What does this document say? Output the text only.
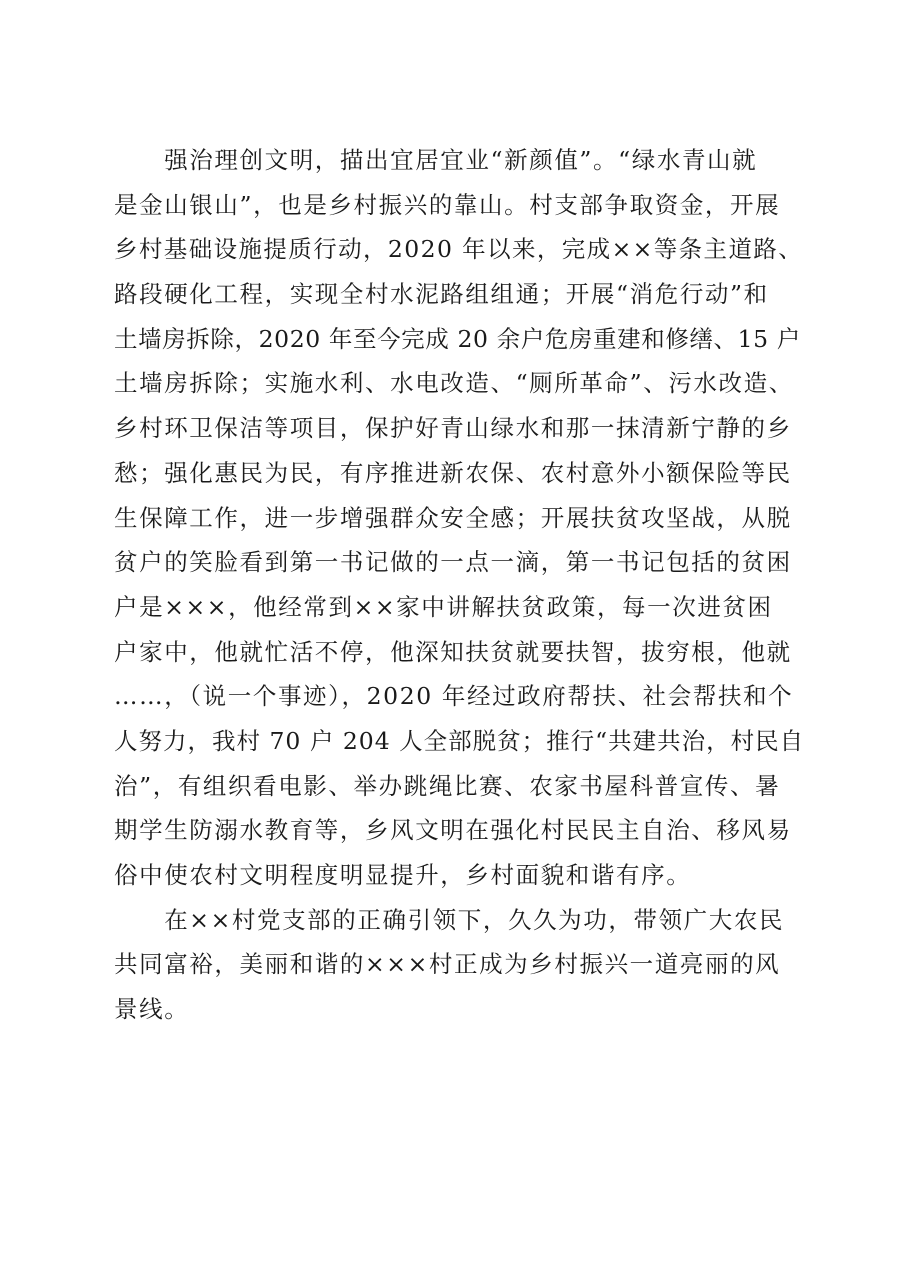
　　强治理创文明，描出宜居宜业“新颜值”。“绿水青山就
是金山银山”，也是乡村振兴的靠山。村支部争取资金，开展
乡村基础设施提质行动，2020 年以来，完成××等条主道路、
路段硬化工程，实现全村水泥路组组通；开展“消危行动”和
土墙房拆除，2020 年至今完成 20 余户危房重建和修缮、15 户
土墙房拆除；实施水利、水电改造、“厕所革命”、污水改造、
乡村环卫保洁等项目，保护好青山绿水和那一抹清新宁静的乡
愁；强化惠民为民，有序推进新农保、农村意外小额保险等民
生保障工作，进一步增强群众安全感；开展扶贫攻坚战，从脱
贫户的笑脸看到第一书记做的一点一滴，第一书记包括的贫困
户是×××，他经常到××家中讲解扶贫政策，每一次进贫困
户家中，他就忙活不停，他深知扶贫就要扶智，拔穷根，他就
……，（说一个事迹），2020 年经过政府帮扶、社会帮扶和个
人努力，我村 70 户 204 人全部脱贫；推行“共建共治，村民自
治”，有组织看电影、举办跳绳比赛、农家书屋科普宣传、暑
期学生防溺水教育等，乡风文明在强化村民民主自治、移风易
俗中使农村文明程度明显提升，乡村面貌和谐有序。
　　在××村党支部的正确引领下，久久为功，带领广大农民
共同富裕，美丽和谐的×××村正成为乡村振兴一道亮丽的风
景线。
